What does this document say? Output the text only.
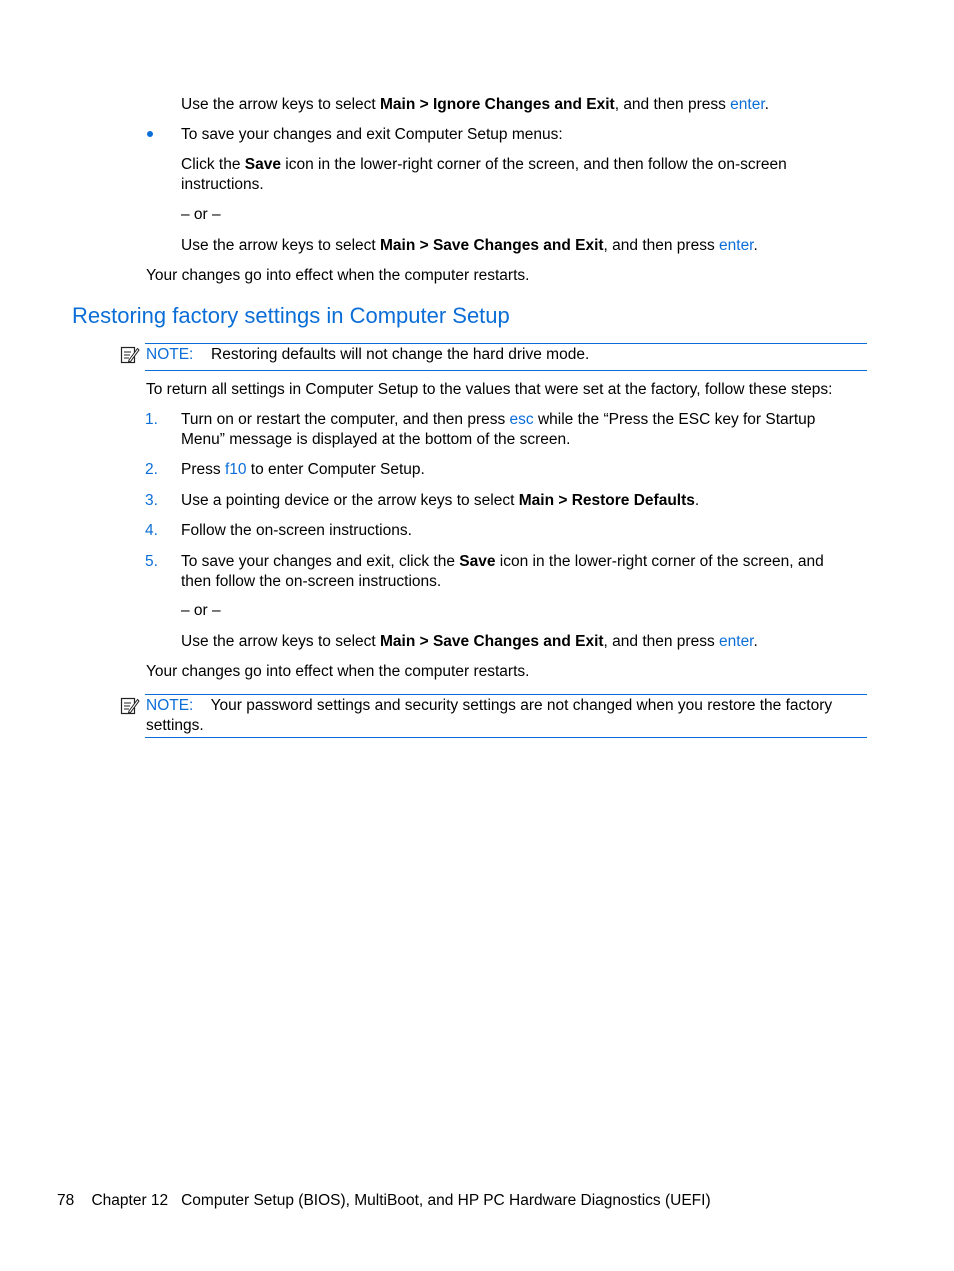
Use the arrow keys to select Main > Ignore Changes and Exit, and then press enter.
To save your changes and exit Computer Setup menus:
Click the Save icon in the lower-right corner of the screen, and then follow the on-screen instructions.
– or –
Use the arrow keys to select Main > Save Changes and Exit, and then press enter.
Your changes go into effect when the computer restarts.
Restoring factory settings in Computer Setup
NOTE: Restoring defaults will not change the hard drive mode.
To return all settings in Computer Setup to the values that were set at the factory, follow these steps:
1. Turn on or restart the computer, and then press esc while the “Press the ESC key for Startup Menu” message is displayed at the bottom of the screen.
2. Press f10 to enter Computer Setup.
3. Use a pointing device or the arrow keys to select Main > Restore Defaults.
4. Follow the on-screen instructions.
5. To save your changes and exit, click the Save icon in the lower-right corner of the screen, and then follow the on-screen instructions.
– or –
Use the arrow keys to select Main > Save Changes and Exit, and then press enter.
Your changes go into effect when the computer restarts.
NOTE: Your password settings and security settings are not changed when you restore the factory settings.
78 Chapter 12 Computer Setup (BIOS), MultiBoot, and HP PC Hardware Diagnostics (UEFI)
